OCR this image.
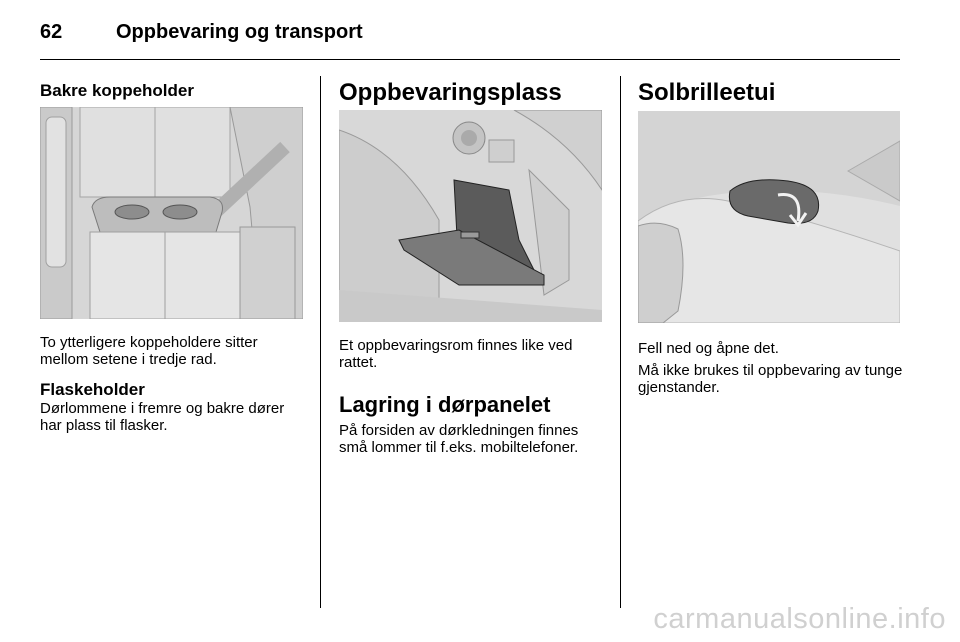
62	Oppbevaring og transport
Bakre koppeholder

To ytterligere koppeholdere sitter mellom setene i tredje rad.

Flaskeholder

Dørlommene i fremre og bakre dører har plass til flasker.

Oppbevaringsplass

Et oppbevaringsrom finnes like ved rattet.

Lagring i dørpanelet

På forsiden av dørkledningen finnes små lommer til f.eks. mobiltelefoner.

Solbrilleetui

Fell ned og åpne det.

Må ikke brukes til oppbevaring av tunge gjenstander.

carmanualsonline.info
